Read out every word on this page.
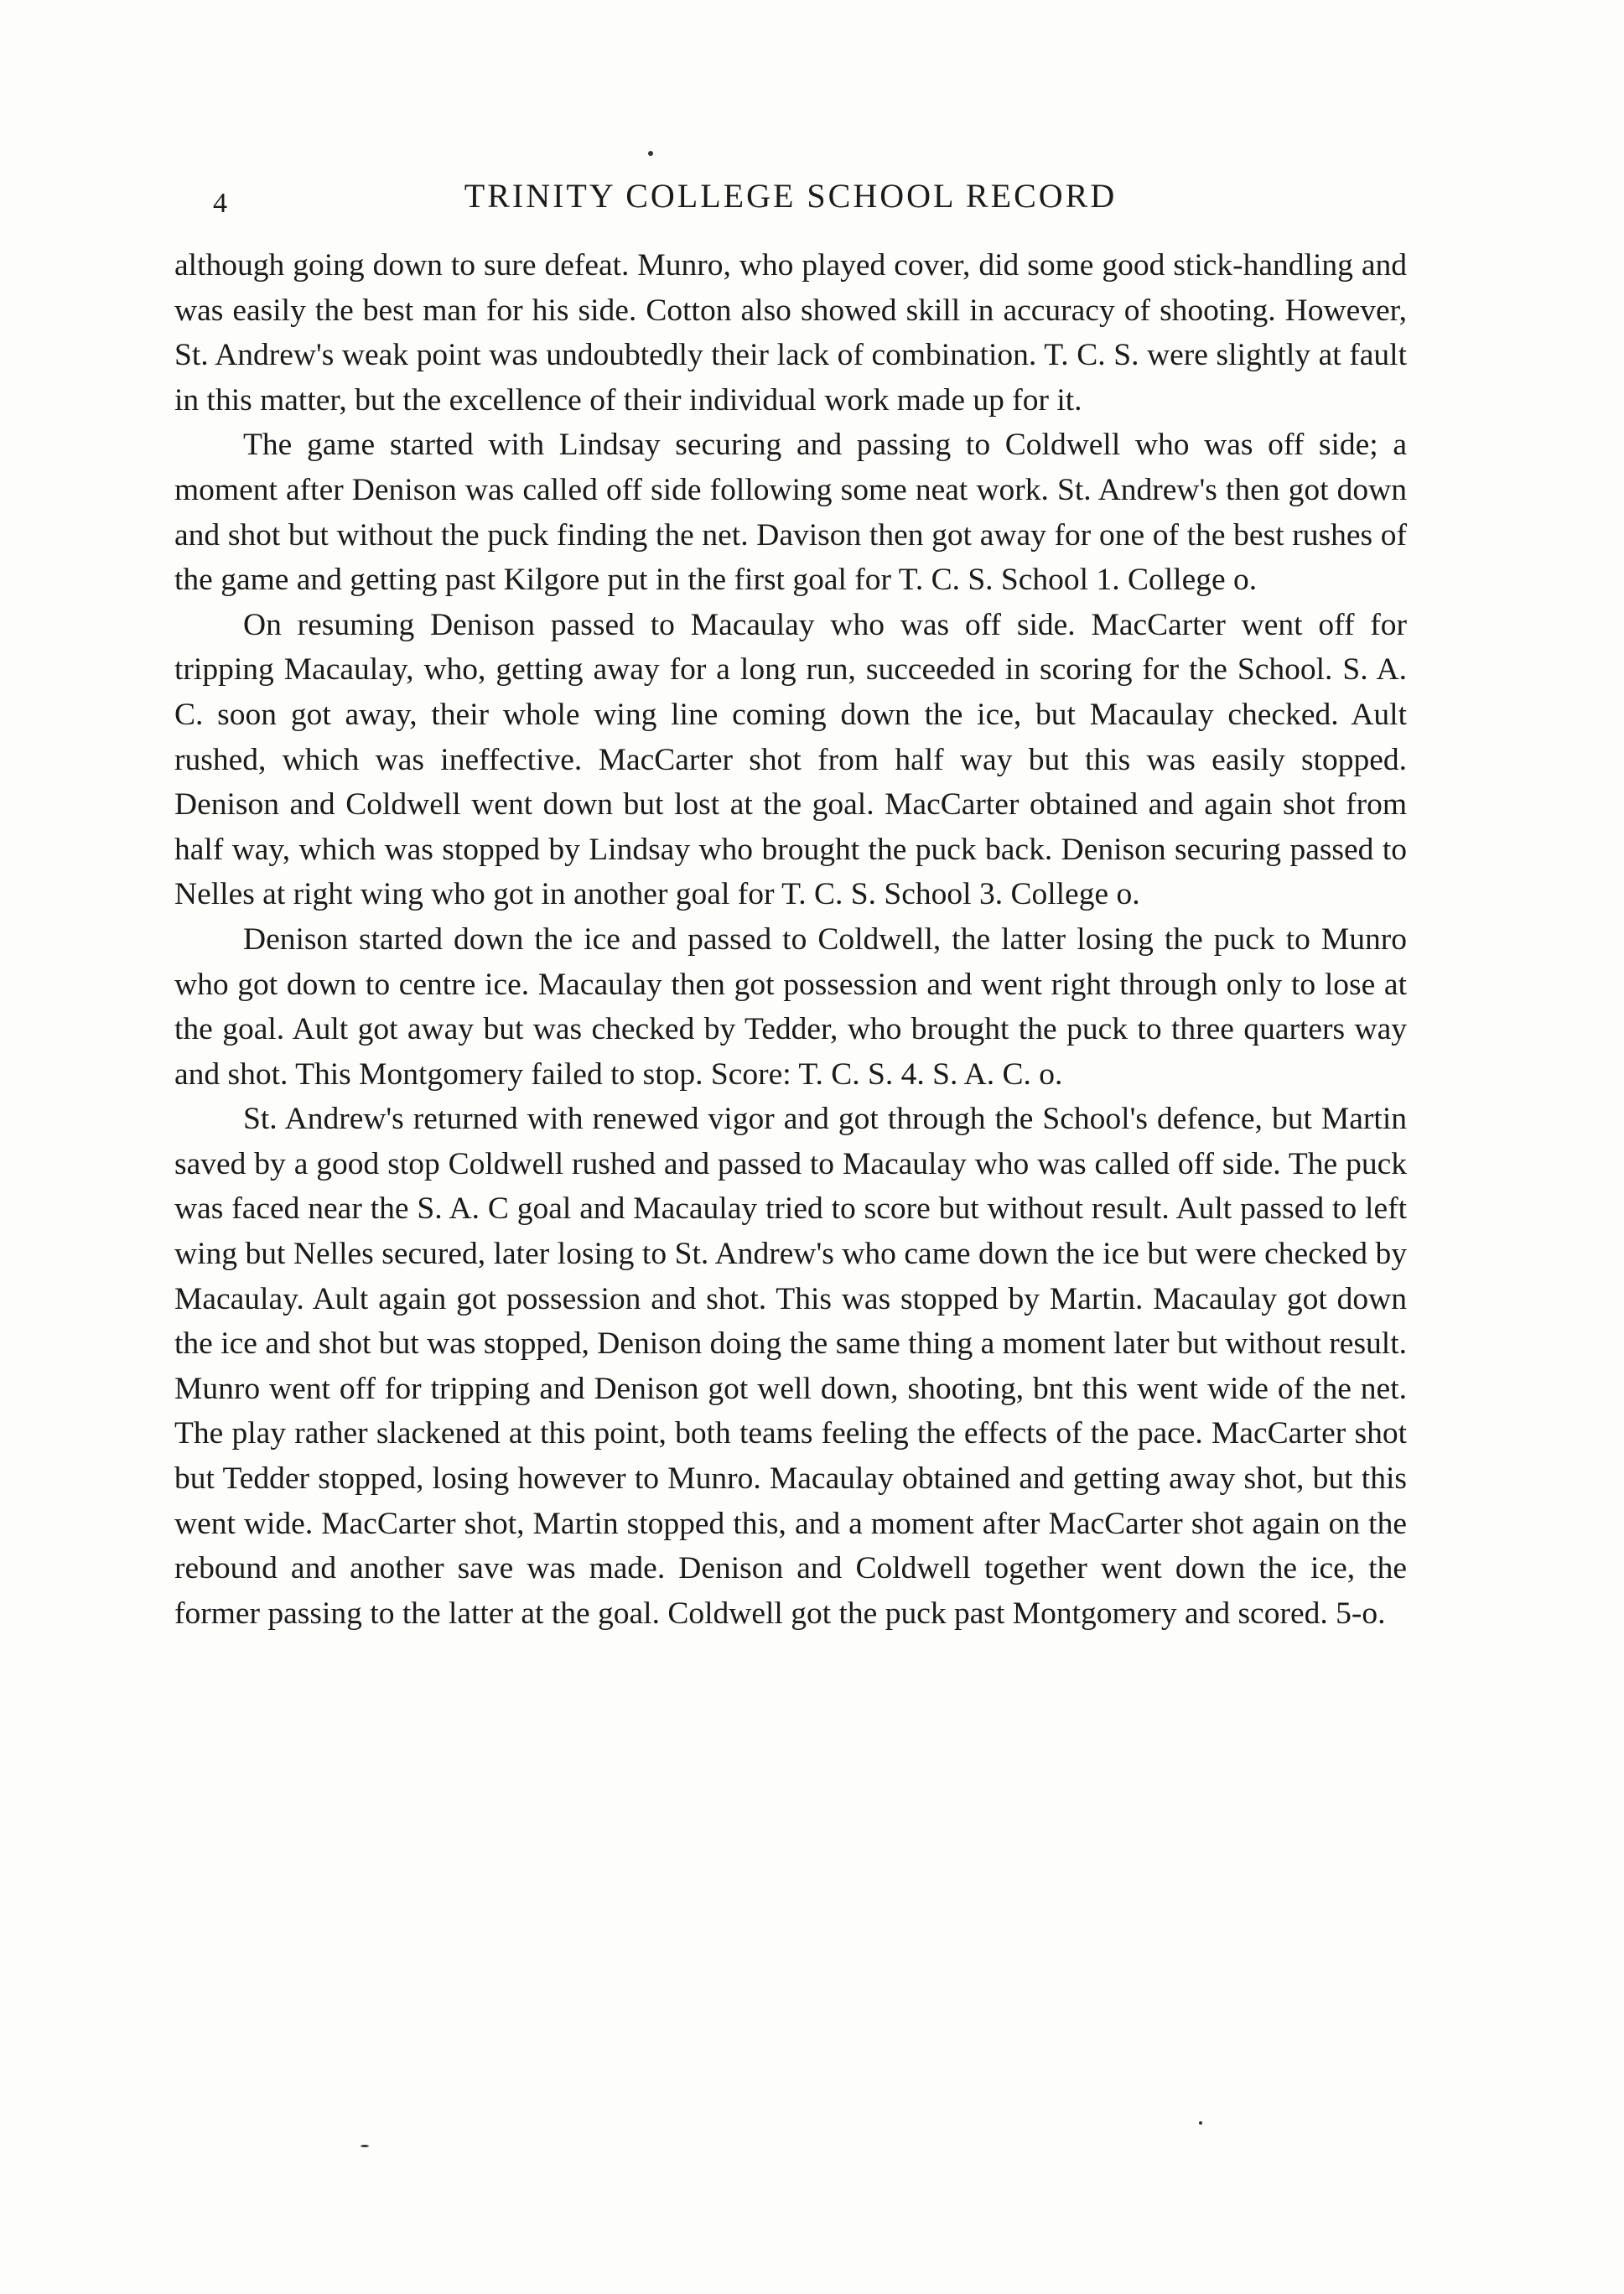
4	TRINITY COLLEGE SCHOOL RECORD

although going down to sure defeat. Munro, who played cover, did some good stick-handling and was easily the best man for his side. Cotton also showed skill in accuracy of shooting. However, St. Andrew's weak point was undoubtedly their lack of combination. T. C. S. were slightly at fault in this matter, but the excellence of their individual work made up for it.

The game started with Lindsay securing and passing to Coldwell who was off side; a moment after Denison was called off side following some neat work. St. Andrew's then got down and shot but without the puck finding the net. Davison then got away for one of the best rushes of the game and getting past Kilgore put in the first goal for T. C. S. School 1. College o.

On resuming Denison passed to Macaulay who was off side. MacCarter went off for tripping Macaulay, who, getting away for a long run, succeeded in scoring for the School. S. A. C. soon got away, their whole wing line coming down the ice, but Macaulay checked. Ault rushed, which was ineffective. MacCarter shot from half way but this was easily stopped. Denison and Coldwell went down but lost at the goal. MacCarter obtained and again shot from half way, which was stopped by Lindsay who brought the puck back. Denison securing passed to Nelles at right wing who got in another goal for T. C. S. School 3. College o.

Denison started down the ice and passed to Coldwell, the latter losing the puck to Munro who got down to centre ice. Macaulay then got possession and went right through only to lose at the goal. Ault got away but was checked by Tedder, who brought the puck to three quarters way and shot. This Montgomery failed to stop. Score: T. C. S. 4. S. A. C. o.

St. Andrew's returned with renewed vigor and got through the School's defence, but Martin saved by a good stop Coldwell rushed and passed to Macaulay who was called off side. The puck was faced near the S. A. C goal and Macaulay tried to score but without result. Ault passed to left wing but Nelles secured, later losing to St. Andrew's who came down the ice but were checked by Macaulay. Ault again got possession and shot. This was stopped by Martin. Macaulay got down the ice and shot but was stopped, Denison doing the same thing a moment later but without result. Munro went off for tripping and Denison got well down, shooting, bnt this went wide of the net. The play rather slackened at this point, both teams feeling the effects of the pace. MacCarter shot but Tedder stopped, losing however to Munro. Macaulay obtained and getting away shot, but this went wide. MacCarter shot, Martin stopped this, and a moment after MacCarter shot again on the rebound and another save was made. Denison and Coldwell together went down the ice, the former passing to the latter at the goal. Coldwell got the puck past Montgomery and scored. 5-o.
